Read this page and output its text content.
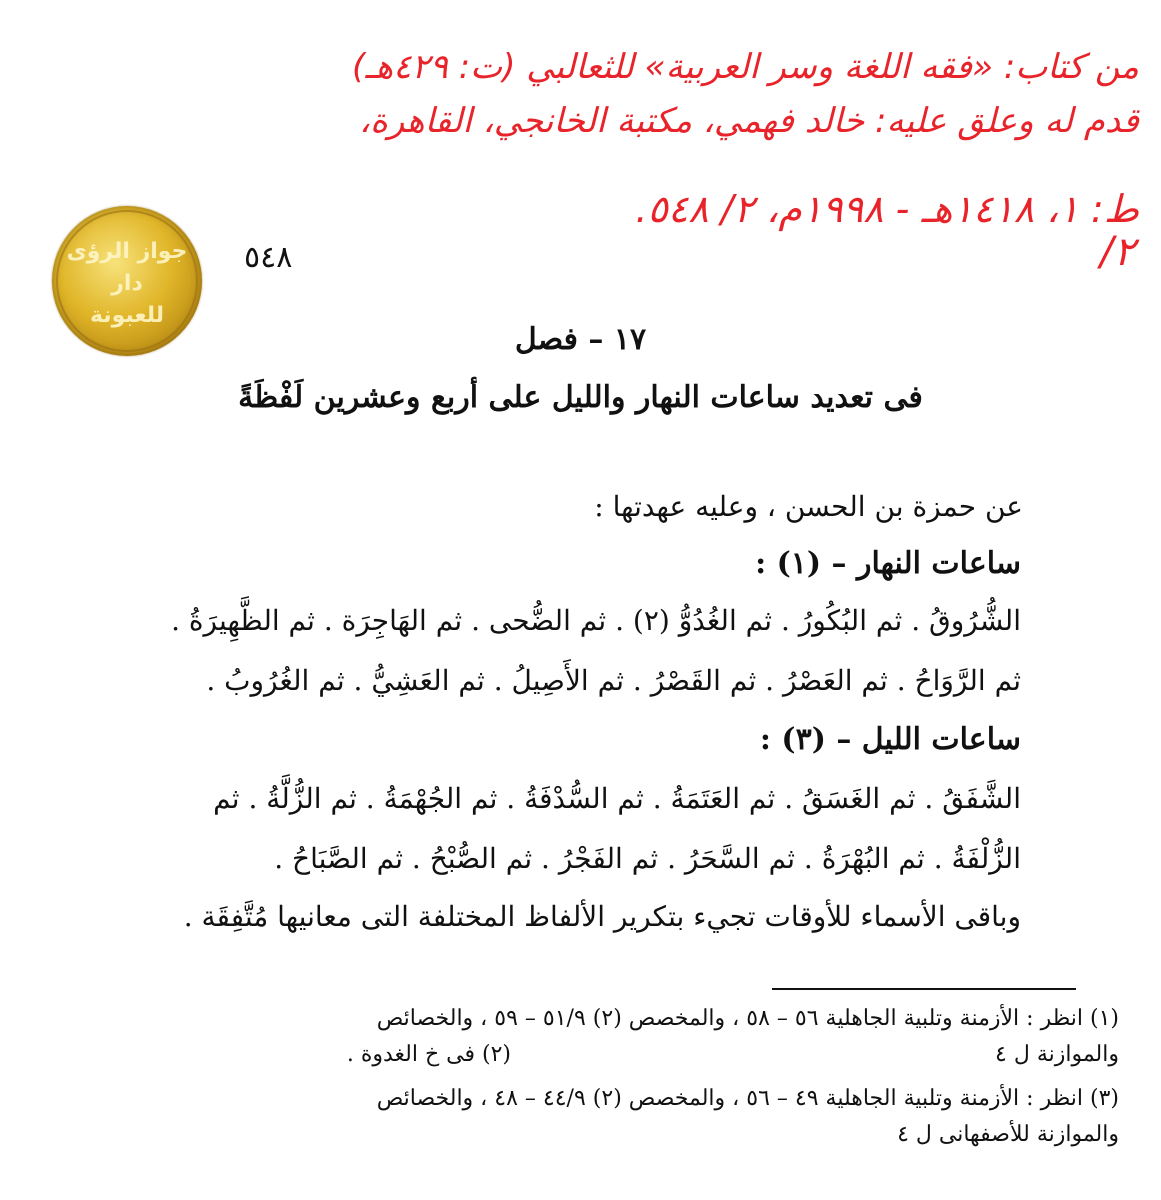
من كتاب: «فقه اللغة وسر العربية» للثعالبي (ت: ٤٢٩هـ)
قدم له وعلق عليه: خالد فهمي، مكتبة الخانجي، القاهرة،
ط: ١، ١٤١٨هـ - ١٩٩٨م، ٢/ ٥٤٨.
٢/
٥٤٨
جواز الرؤى
دار
للعبونة
١٧ – فصل
فى تعديد ساعات النهار والليل على أربع وعشرين لَفْظَةً
عن حمزة بن الحسن ، وعليه عهدتها :
ساعات النهار – (١) :
الشُّرُوقُ . ثم البُكُورُ . ثم الغُدُوُّ (٢) . ثم الضُّحى . ثم الهَاجِرَة . ثم الظَّهِيرَةُ .
ثم الرَّوَاحُ . ثم العَصْرُ . ثم القَصْرُ . ثم الأَصِيلُ . ثم العَشِيُّ . ثم الغُرُوبُ .
ساعات الليل – (٣) :
الشَّفَقُ . ثم الغَسَقُ . ثم العَتَمَةُ . ثم السُّدْفَةُ . ثم الجُهْمَةُ . ثم الزُّلَّةُ . ثم
الزُّلْفَةُ . ثم البُهْرَةُ . ثم السَّحَرُ . ثم الفَجْرُ . ثم الصُّبْحُ . ثم الصَّبَاحُ .
وباقى الأسماء للأوقات تجيء بتكرير الألفاظ المختلفة التى معانيها مُتَّفِقَة .
(١) انظر : الأزمنة وتلبية الجاهلية ٥٦ – ٥٨ ، والمخصص (٢) ٥١/٩ – ٥٩ ، والخصائص
والموازنة ل ٤
(٢) فى خ الغدوة .
(٣) انظر : الأزمنة وتلبية الجاهلية ٤٩ – ٥٦ ، والمخصص (٢) ٤٤/٩ – ٤٨ ، والخصائص
والموازنة للأصفهانى ل ٤
